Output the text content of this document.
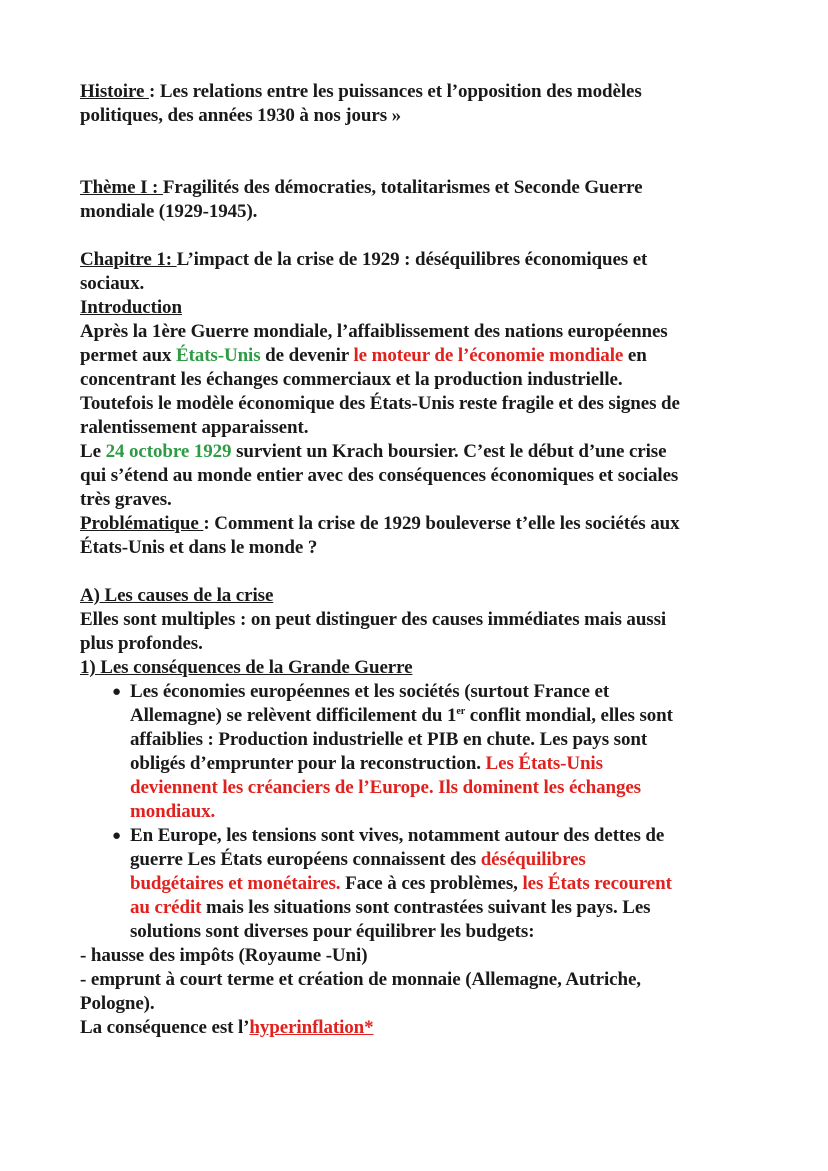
Histoire : Les relations entre les puissances et l’opposition des modèles
politiques, des années 1930 à nos jours »
Thème I : Fragilités des démocraties, totalitarismes et Seconde Guerre
mondiale (1929-1945).
Chapitre 1: L’impact de la crise de 1929 : déséquilibres économiques et
sociaux.
Introduction
Après la 1ère Guerre mondiale, l’affaiblissement des nations européennes
permet aux États-Unis de devenir le moteur de l’économie mondiale en
concentrant les échanges commerciaux et la production industrielle.
Toutefois le modèle économique des États-Unis reste fragile et des signes de
ralentissement apparaissent.
Le 24 octobre 1929 survient un Krach boursier. C’est le début d’une crise
qui s’étend au monde entier avec des conséquences économiques et sociales
très graves.
Problématique : Comment la crise de 1929 bouleverse t’elle les sociétés aux
États-Unis et dans le monde ?
A) Les causes de la crise
Elles sont multiples : on peut distinguer des causes immédiates mais aussi
plus profondes.
1) Les conséquences de la Grande Guerre
● Les économies européennes et les sociétés (surtout France et
Allemagne) se relèvent difficilement du 1er conflit mondial, elles sont
affaiblies : Production industrielle et PIB en chute. Les pays sont
obligés d’emprunter pour la reconstruction. Les États-Unis
deviennent les créanciers de l’Europe. Ils dominent les échanges
mondiaux.
● En Europe, les tensions sont vives, notamment autour des dettes de
guerre Les États européens connaissent des déséquilibres
budgétaires et monétaires. Face à ces problèmes, les États recourent
au crédit mais les situations sont contrastées suivant les pays. Les
solutions sont diverses pour équilibrer les budgets:
- hausse des impôts (Royaume -Uni)
- emprunt à court terme et création de monnaie (Allemagne, Autriche,
Pologne).
La conséquence est l’hyperinflation*
